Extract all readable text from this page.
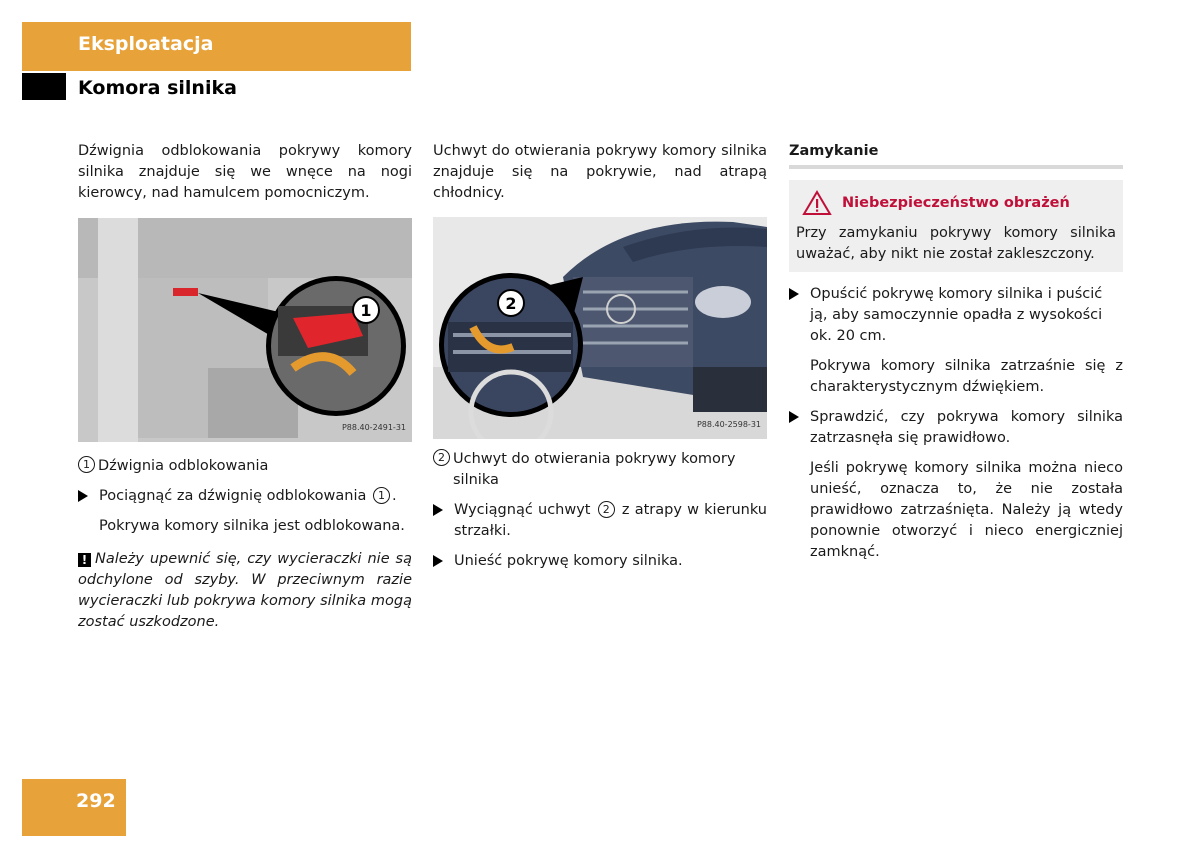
Eksploatacja
Komora silnika

Dźwignia odblokowania pokrywy komory silnika znajduje się we wnęce na nogi kierowcy, nad hamulcem pomocniczym.

1
P88.40-2491-31
1 Dźwignia odblokowania
Pociągnąć za dźwignię odblokowania 1 .

Pokrywa komory silnika jest odblokowana.

! Należy upewnić się, czy wycieraczki nie są odchylone od szyby. W przeciwnym razie wycieraczki lub pokrywa komory silnika mogą zostać uszkodzone.

Uchwyt do otwierania pokrywy komory silnika znajduje się na pokrywie, nad atrapą chłodnicy.

2
P88.40-2598-31
2 Uchwyt do otwierania pokrywy komory silnika
Wyciągnąć uchwyt 2 z atrapy w kierunku strzałki.
Unieść pokrywę komory silnika.
Zamykanie
Niebezpieczeństwo obrażeń

Przy zamykaniu pokrywy komory silnika uważać, aby nikt nie został zakleszczony.

Opuścić pokrywę komory silnika i puścić ją, aby samoczynnie opadła z wysokości ok. 20 cm.

Pokrywa komory silnika zatrzaśnie się z charakterystycznym dźwiękiem.

Sprawdzić, czy pokrywa komory silnika zatrzasnęła się prawidłowo.

Jeśli pokrywę komory silnika można nieco unieść, oznacza to, że nie została prawidłowo zatrzaśnięta. Należy ją wtedy ponownie otworzyć i nieco energiczniej zamknąć.

292
